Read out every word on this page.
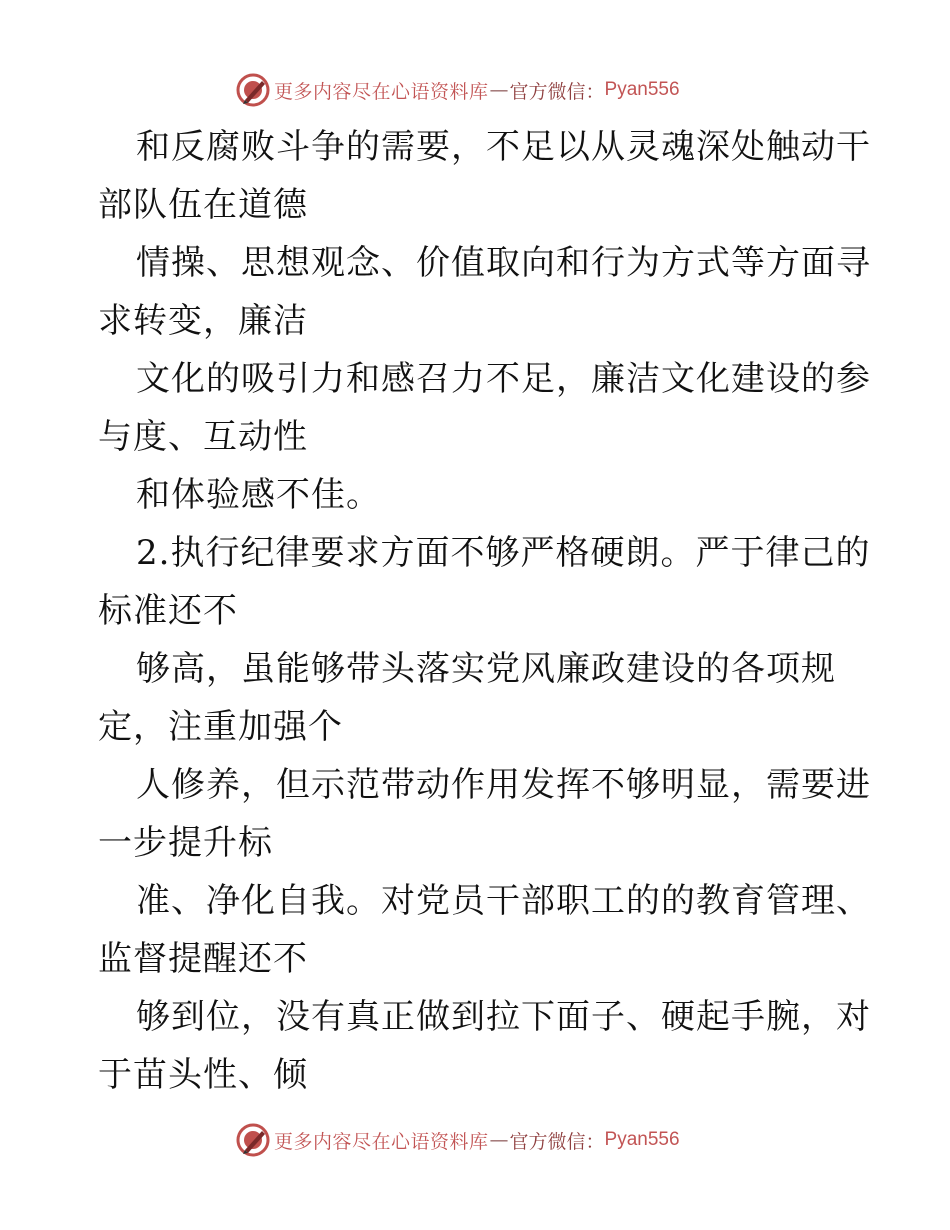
更多内容尽在心语资料库 — 官方微信： Pyan556
和反腐败斗争的需要，不足以从灵魂深处触动干
部队伍在道德
情操、思想观念、价值取向和行为方式等方面寻
求转变，廉洁
文化的吸引力和感召力不足，廉洁文化建设的参
与度、互动性
和体验感不佳。
2.执行纪律要求方面不够严格硬朗。严于律己的
标准还不
够高，虽能够带头落实党风廉政建设的各项规
定，注重加强个
人修养，但示范带动作用发挥不够明显，需要进
一步提升标
准、净化自我。对党员干部职工的的教育管理、
监督提醒还不
够到位，没有真正做到拉下面子、硬起手腕，对
于苗头性、倾
更多内容尽在心语资料库 — 官方微信： Pyan556
